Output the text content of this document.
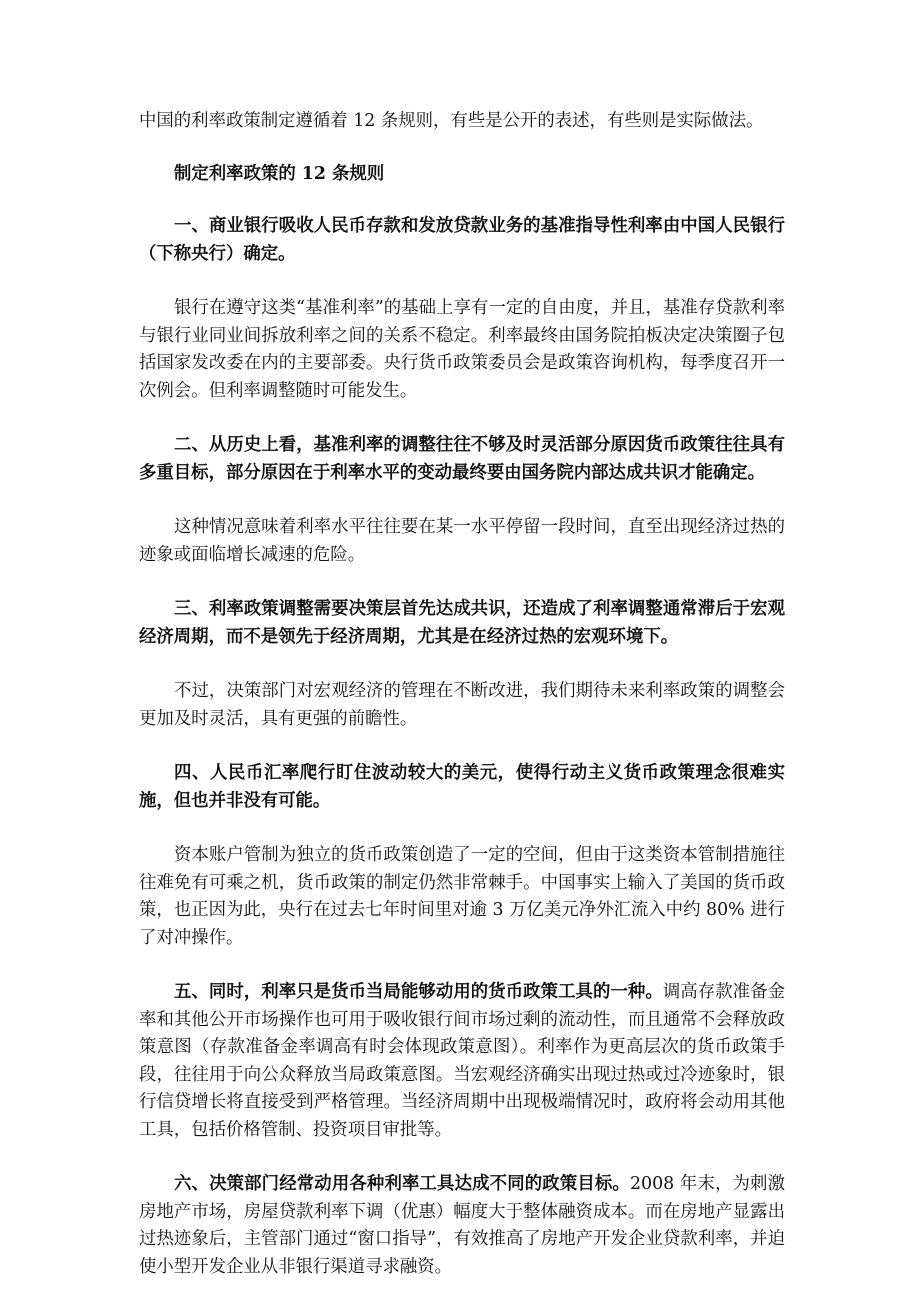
中国的利率政策制定遵循着 12 条规则，有些是公开的表述，有些则是实际做法。

制定利率政策的 12 条规则

一、商业银行吸收人民币存款和发放贷款业务的基准指导性利率由中国人民银行（下称央行）确定。

银行在遵守这类“基准利率”的基础上享有一定的自由度，并且，基准存贷款利率与银行业同业间拆放利率之间的关系不稳定。利率最终由国务院拍板决定决策圈子包括国家发改委在内的主要部委。央行货币政策委员会是政策咨询机构，每季度召开一次例会。但利率调整随时可能发生。

二、从历史上看，基准利率的调整往往不够及时灵活部分原因货币政策往往具有多重目标，部分原因在于利率水平的变动最终要由国务院内部达成共识才能确定。

这种情况意味着利率水平往往要在某一水平停留一段时间，直至出现经济过热的迹象或面临增长减速的危险。

三、利率政策调整需要决策层首先达成共识，还造成了利率调整通常滞后于宏观经济周期，而不是领先于经济周期，尤其是在经济过热的宏观环境下。

不过，决策部门对宏观经济的管理在不断改进，我们期待未来利率政策的调整会更加及时灵活，具有更强的前瞻性。

四、人民币汇率爬行盯住波动较大的美元，使得行动主义货币政策理念很难实施，但也并非没有可能。

资本账户管制为独立的货币政策创造了一定的空间，但由于这类资本管制措施往往难免有可乘之机，货币政策的制定仍然非常棘手。中国事实上输入了美国的货币政策，也正因为此，央行在过去七年时间里对逾 3 万亿美元净外汇流入中约 80% 进行了对冲操作。

五、同时，利率只是货币当局能够动用的货币政策工具的一种。调高存款准备金率和其他公开市场操作也可用于吸收银行间市场过剩的流动性，而且通常不会释放政策意图（存款准备金率调高有时会体现政策意图）。利率作为更高层次的货币政策手段，往往用于向公众释放当局政策意图。当宏观经济确实出现过热或过冷迹象时，银行信贷增长将直接受到严格管理。当经济周期中出现极端情况时，政府将会动用其他工具，包括价格管制、投资项目审批等。

六、决策部门经常动用各种利率工具达成不同的政策目标。2008 年末，为刺激房地产市场，房屋贷款利率下调（优惠）幅度大于整体融资成本。而在房地产显露出过热迹象后，主管部门通过“窗口指导”，有效推高了房地产开发企业贷款利率，并迫使小型开发企业从非银行渠道寻求融资。
